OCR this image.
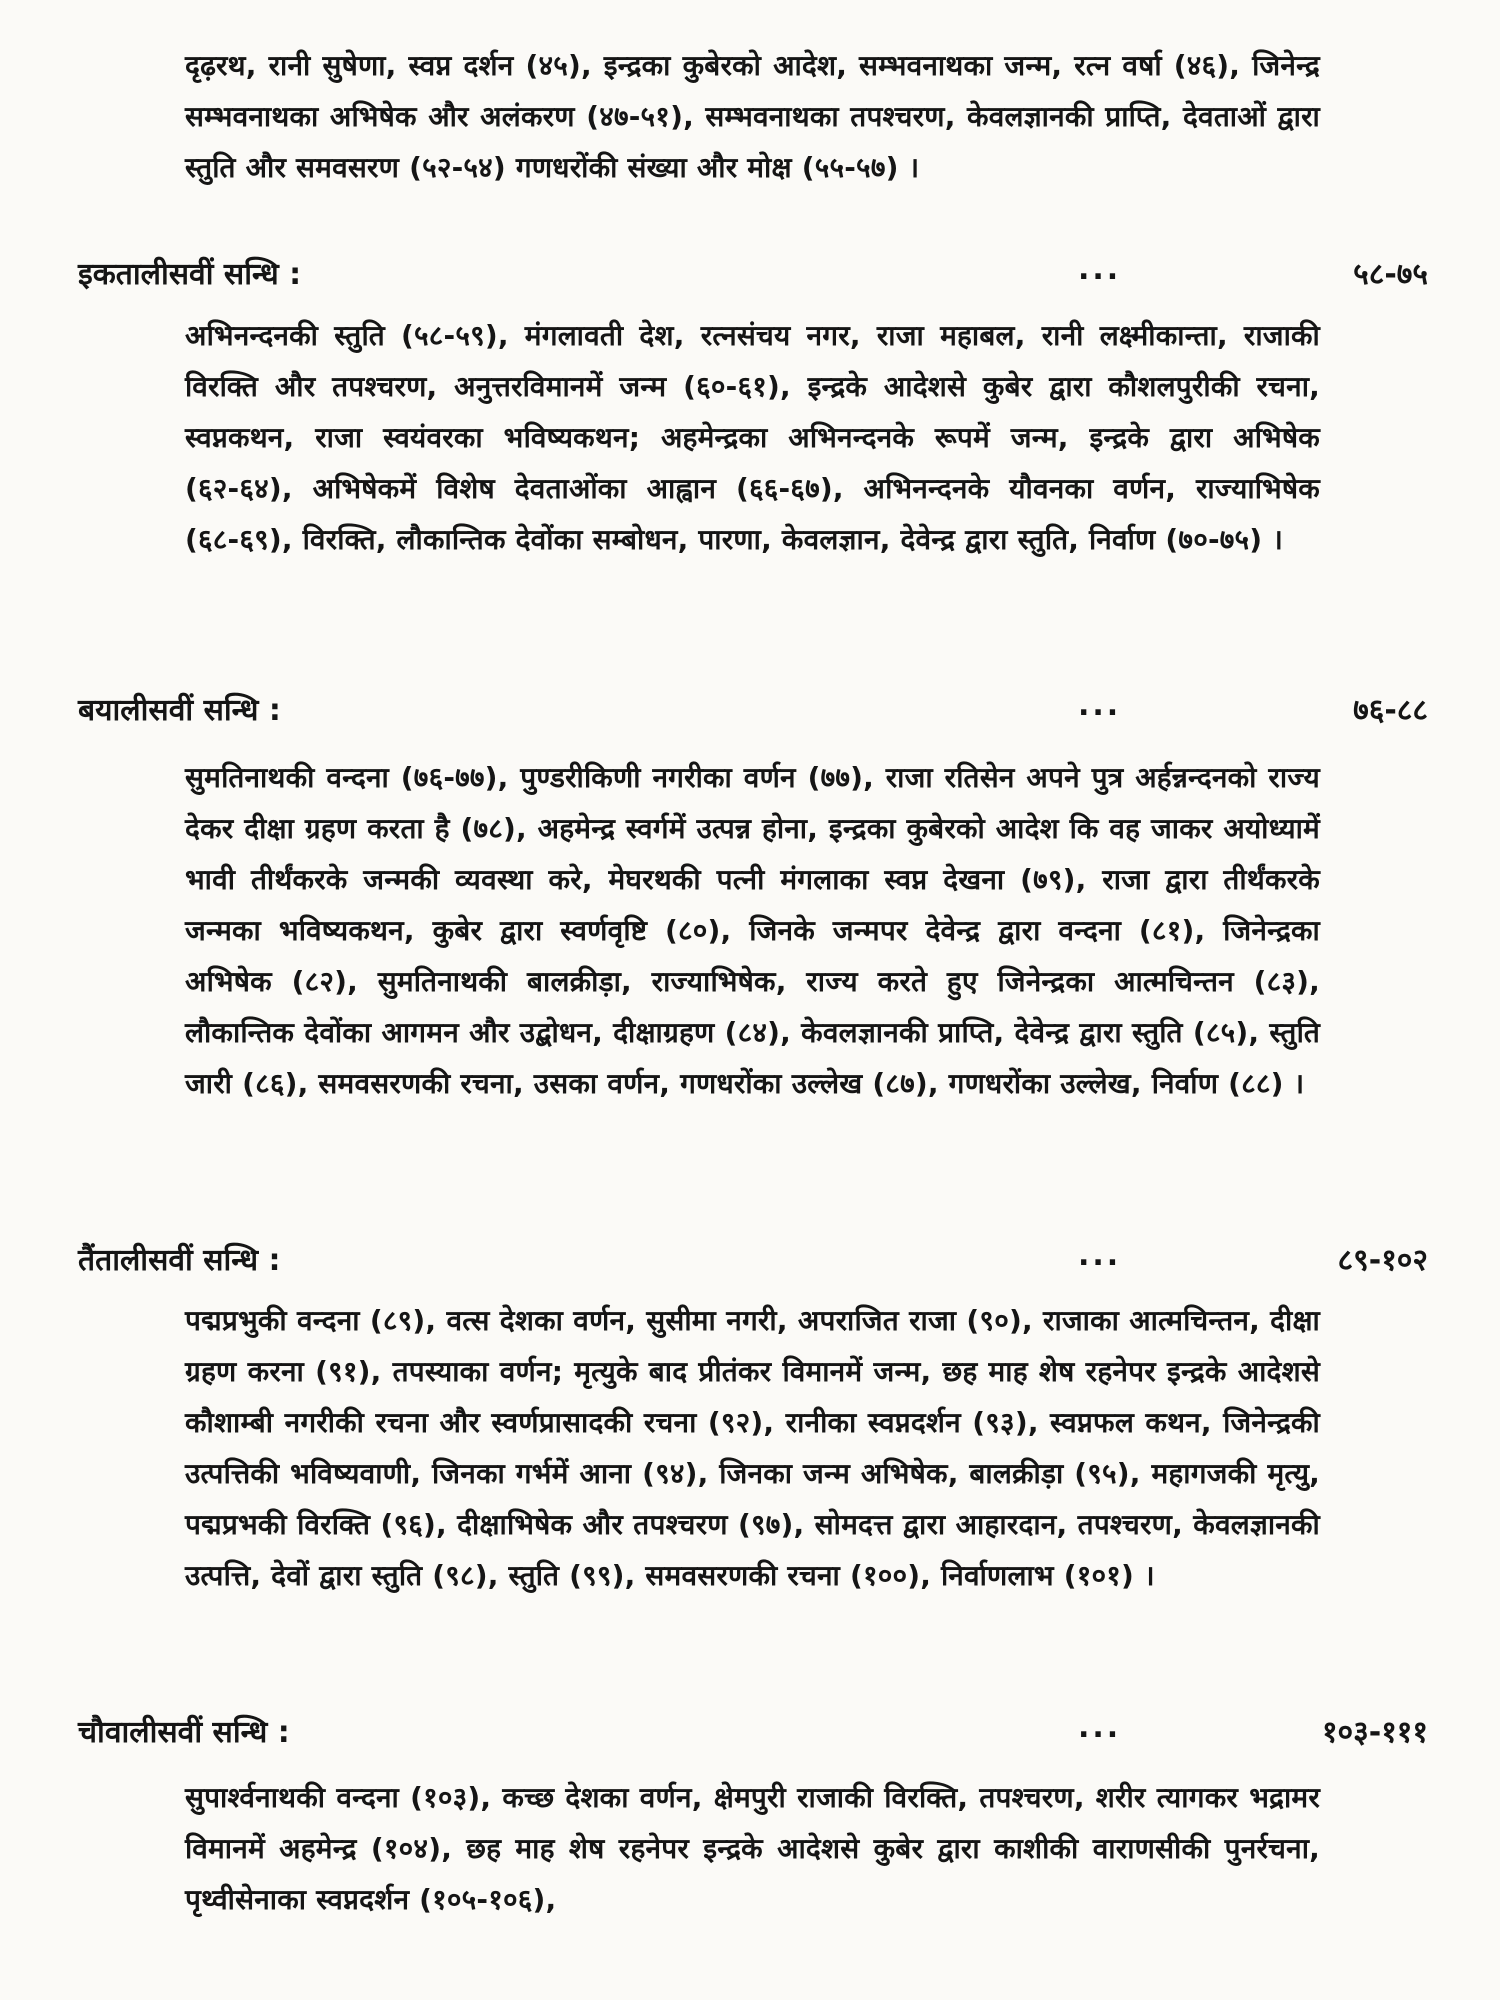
दृढ़रथ, रानी सुषेणा, स्वप्न दर्शन (४५), इन्द्रका कुबेरको आदेश, सम्भवनाथका जन्म, रत्न वर्षा (४६), जिनेन्द्र सम्भवनाथका अभिषेक और अलंकरण (४७-५१), सम्भवनाथका तपश्चरण, केवलज्ञानकी प्राप्ति, देवताओं द्वारा स्तुति और समवसरण (५२-५४) गणधरोंकी संख्या और मोक्ष (५५-५७) ।

इकतालीसवीं सन्धि :	...	५८-७५

अभिनन्दनकी स्तुति (५८-५९), मंगलावती देश, रत्नसंचय नगर, राजा महाबल, रानी लक्ष्मीकान्ता, राजाकी विरक्ति और तपश्चरण, अनुत्तरविमानमें जन्म (६०-६१), इन्द्रके आदेशसे कुबेर द्वारा कौशलपुरीकी रचना, स्वप्नकथन, राजा स्वयंवरका भविष्यकथन; अहमेन्द्रका अभिनन्दनके रूपमें जन्म, इन्द्रके द्वारा अभिषेक (६२-६४), अभिषेकमें विशेष देवताओंका आह्वान (६६-६७), अभिनन्दनके यौवनका वर्णन, राज्याभिषेक (६८-६९), विरक्ति, लौकान्तिक देवोंका सम्बोधन, पारणा, केवलज्ञान, देवेन्द्र द्वारा स्तुति, निर्वाण (७०-७५) ।

बयालीसवीं सन्धि :	...	७६-८८

सुमतिनाथकी वन्दना (७६-७७), पुण्डरीकिणी नगरीका वर्णन (७७), राजा रतिसेन अपने पुत्र अर्हन्नन्दनको राज्य देकर दीक्षा ग्रहण करता है (७८), अहमेन्द्र स्वर्गमें उत्पन्न होना, इन्द्रका कुबेरको आदेश कि वह जाकर अयोध्यामें भावी तीर्थंकरके जन्मकी व्यवस्था करे, मेघरथकी पत्नी मंगलाका स्वप्न देखना (७९), राजा द्वारा तीर्थंकरके जन्मका भविष्यकथन, कुबेर द्वारा स्वर्णवृष्टि (८०), जिनके जन्मपर देवेन्द्र द्वारा वन्दना (८१), जिनेन्द्रका अभिषेक (८२), सुमतिनाथकी बालक्रीड़ा, राज्याभिषेक, राज्य करते हुए जिनेन्द्रका आत्मचिन्तन (८३), लौकान्तिक देवोंका आगमन और उद्बोधन, दीक्षाग्रहण (८४), केवलज्ञानकी प्राप्ति, देवेन्द्र द्वारा स्तुति (८५), स्तुति जारी (८६), समवसरणकी रचना, उसका वर्णन, गणधरोंका उल्लेख (८७), गणधरोंका उल्लेख, निर्वाण (८८) ।

तैंतालीसवीं सन्धि :	...	८९-१०२

पद्मप्रभुकी वन्दना (८९), वत्स देशका वर्णन, सुसीमा नगरी, अपराजित राजा (९०), राजाका आत्मचिन्तन, दीक्षा ग्रहण करना (९१), तपस्याका वर्णन; मृत्युके बाद प्रीतंकर विमानमें जन्म, छह माह शेष रहनेपर इन्द्रके आदेशसे कौशाम्बी नगरीकी रचना और स्वर्णप्रासादकी रचना (९२), रानीका स्वप्नदर्शन (९३), स्वप्नफल कथन, जिनेन्द्रकी उत्पत्तिकी भविष्यवाणी, जिनका गर्भमें आना (९४), जिनका जन्म अभिषेक, बालक्रीड़ा (९५), महागजकी मृत्यु, पद्मप्रभकी विरक्ति (९६), दीक्षाभिषेक और तपश्चरण (९७), सोमदत्त द्वारा आहारदान, तपश्चरण, केवलज्ञानकी उत्पत्ति, देवों द्वारा स्तुति (९८), स्तुति (९९), समवसरणकी रचना (१००), निर्वाणलाभ (१०१) ।

चौवालीसवीं सन्धि :	...	१०३-१११

सुपार्श्वनाथकी वन्दना (१०३), कच्छ देशका वर्णन, क्षेमपुरी राजाकी विरक्ति, तपश्चरण, शरीर त्यागकर भद्रामर विमानमें अहमेन्द्र (१०४), छह माह शेष रहनेपर इन्द्रके आदेशसे कुबेर द्वारा काशीकी वाराणसीकी पुनर्रचना, पृथ्वीसेनाका स्वप्नदर्शन (१०५-१०६),
